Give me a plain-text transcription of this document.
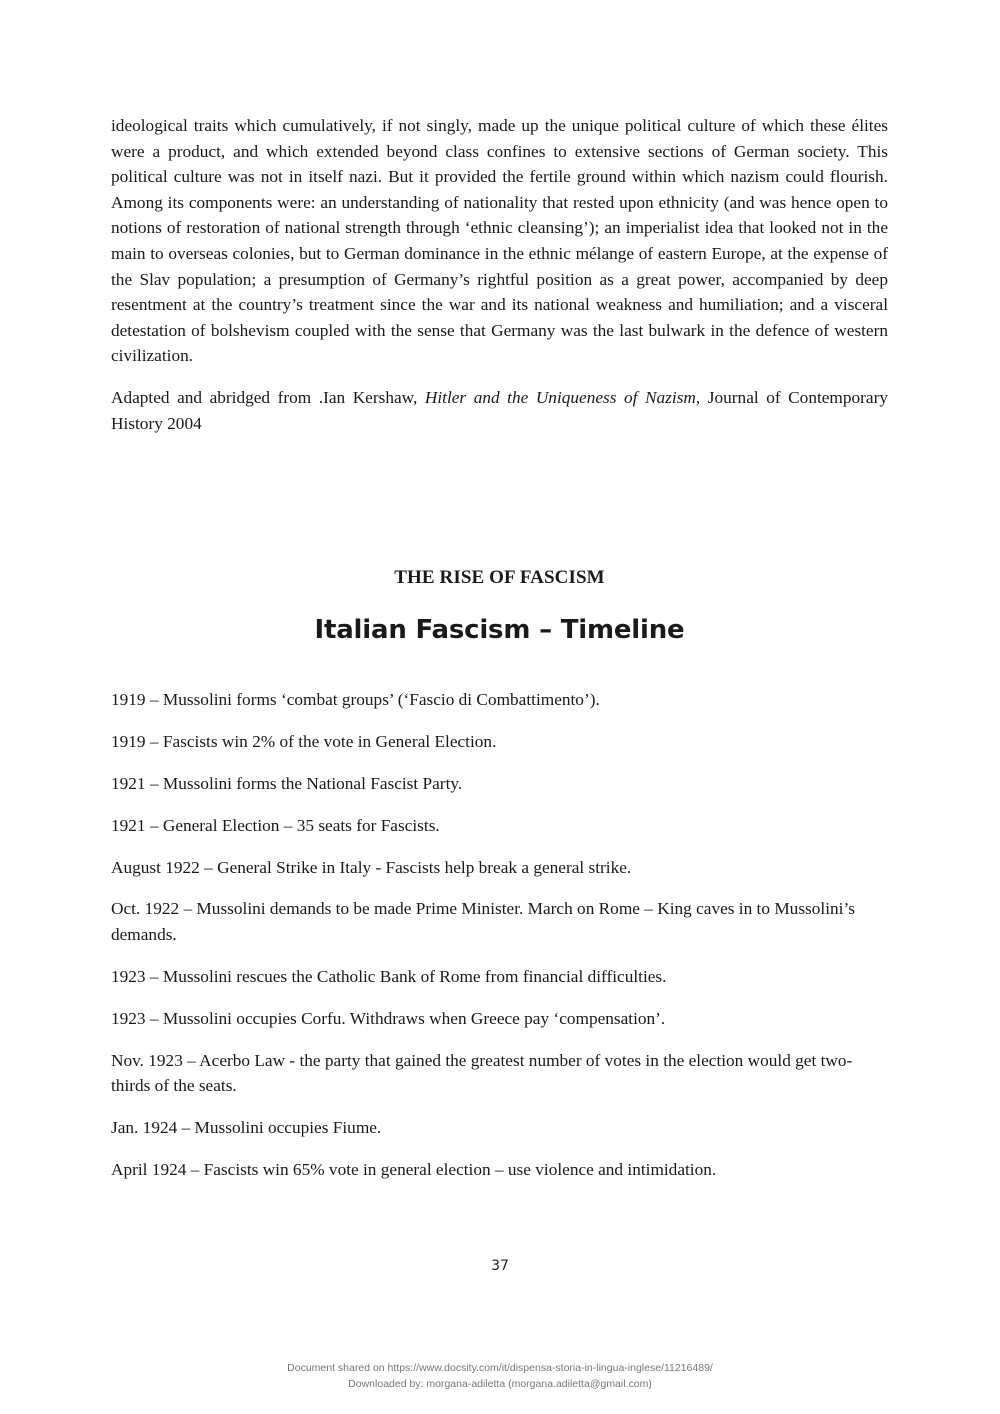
ideological traits which cumulatively, if not singly, made up the unique political culture of which these élites were a product, and which extended beyond class confines to extensive sections of German society. This political culture was not in itself nazi. But it provided the fertile ground within which nazism could flourish. Among its components were: an understanding of nationality that rested upon ethnicity (and was hence open to notions of restoration of national strength through ‘ethnic cleansing’); an imperialist idea that looked not in the main to overseas colonies, but to German dominance in the ethnic mélange of eastern Europe, at the expense of the Slav population; a presumption of Germany’s rightful position as a great power, accompanied by deep resentment at the country’s treatment since the war and its national weakness and humiliation; and a visceral detestation of bolshevism coupled with the sense that Germany was the last bulwark in the defence of western civilization.

Adapted and abridged from .Ian Kershaw, Hitler and the Uniqueness of Nazism, Journal of Contemporary History 2004

THE RISE OF FASCISM
Italian Fascism – Timeline
1919 – Mussolini forms ‘combat groups’ (‘Fascio di Combattimento’).
1919 – Fascists win 2% of the vote in General Election.
1921 – Mussolini forms the National Fascist Party.
1921 – General Election – 35 seats for Fascists.
August 1922 – General Strike in Italy - Fascists help break a general strike.
Oct. 1922 – Mussolini demands to be made Prime Minister. March on Rome – King caves in to Mussolini’s demands.
1923 – Mussolini rescues the Catholic Bank of Rome from financial difficulties.
1923 – Mussolini occupies Corfu. Withdraws when Greece pay ‘compensation’.
Nov. 1923 – Acerbo Law - the party that gained the greatest number of votes in the election would get two-thirds of the seats.
Jan. 1924 – Mussolini occupies Fiume.
April 1924 – Fascists win 65% vote in general election – use violence and intimidation.
37
Document shared on https://www.docsity.com/it/dispensa-storia-in-lingua-inglese/11216489/
Downloaded by: morgana-adiletta (morgana.adiletta@gmail.com)
